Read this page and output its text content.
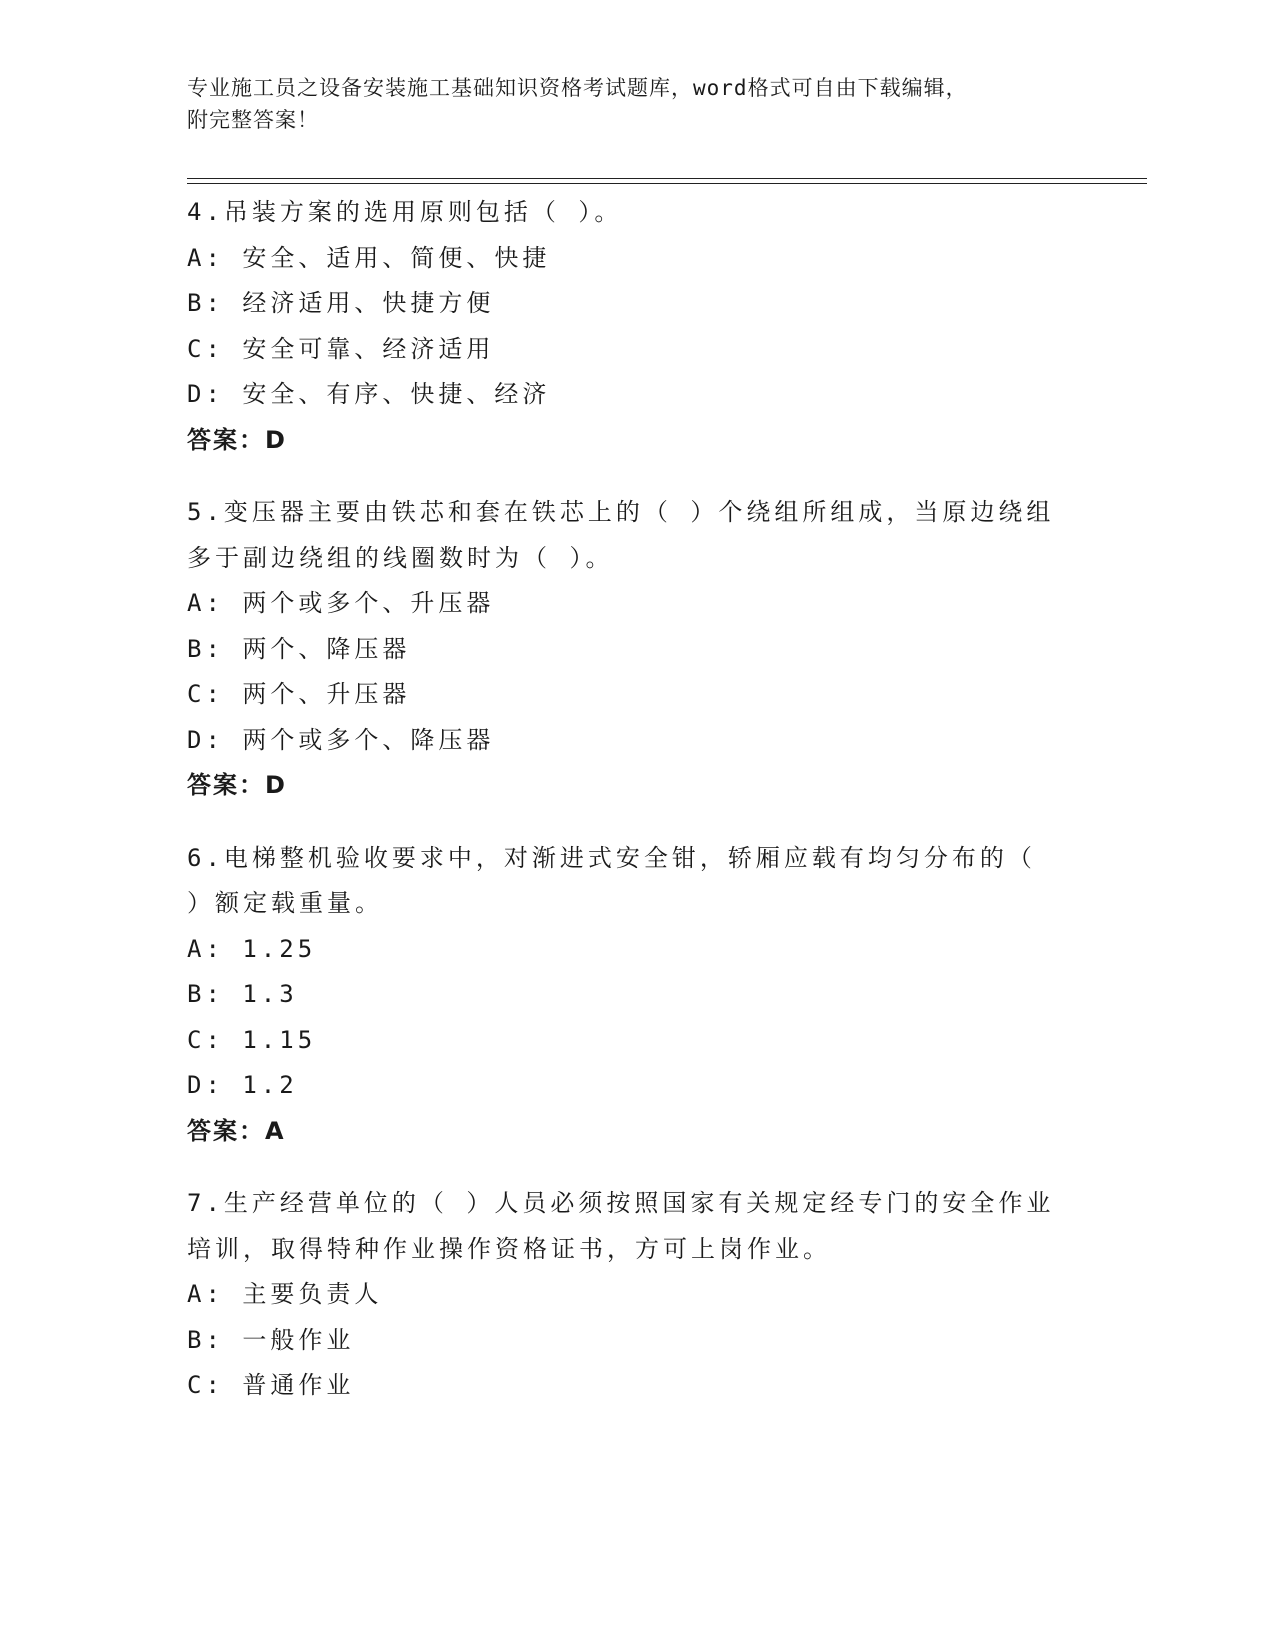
专业施工员之设备安装施工基础知识资格考试题库，word格式可自由下载编辑，
附完整答案！
4.吊装方案的选用原则包括（ ）。
A: 安全、适用、简便、快捷
B: 经济适用、快捷方便
C: 安全可靠、经济适用
D: 安全、有序、快捷、经济
答案：D
5.变压器主要由铁芯和套在铁芯上的（ ）个绕组所组成，当原边绕组
多于副边绕组的线圈数时为（ ）。
A: 两个或多个、升压器
B: 两个、降压器
C: 两个、升压器
D: 两个或多个、降压器
答案：D
6.电梯整机验收要求中，对渐进式安全钳，轿厢应载有均匀分布的（
）额定载重量。
A: 1.25
B: 1.3
C: 1.15
D: 1.2
答案：A
7.生产经营单位的（ ）人员必须按照国家有关规定经专门的安全作业
培训，取得特种作业操作资格证书，方可上岗作业。
A: 主要负责人
B: 一般作业
C: 普通作业
